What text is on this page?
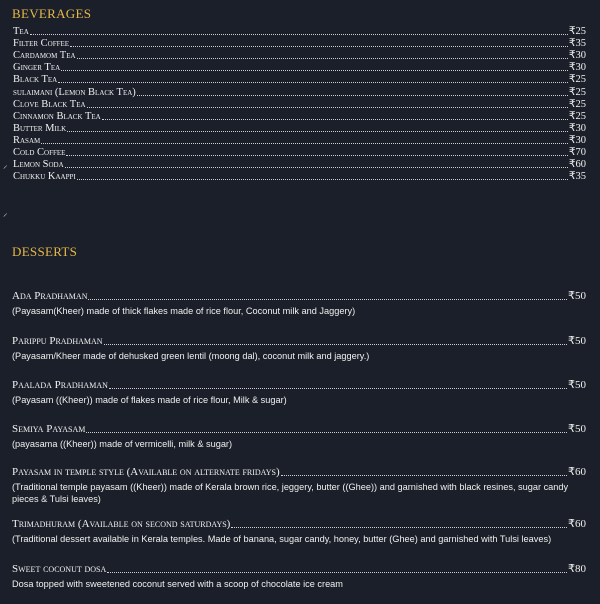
BEVERAGES
Tea	₹25
Filter Coffee	₹35
Cardamom Tea	₹30
Ginger Tea	₹30
Black Tea	₹25
sulaimani (Lemon Black Tea)	₹25
Clove Black Tea	₹25
Cinnamon Black Tea	₹25
Butter Milk	₹30
Rasam	₹30
Cold Coffee	₹70
Lemon Soda	₹60
Chukku Kaappi	₹35
DESSERTS
Ada Pradhaman	₹50
(Payasam(Kheer) made of thick flakes made of rice flour, Coconut milk and Jaggery)
Parippu Pradhaman	₹50
(Payasam/Kheer made of dehusked green lentil (moong dal), coconut milk and jaggery.)
Paalada Pradhaman	₹50
(Payasam ((Kheer)) made of flakes made of rice flour, Milk & sugar)
Semiya Payasam	₹50
(payasama ((Kheer)) made of vermicelli, milk & sugar)
Payasam in temple style (Available on alternate fridays)	₹60
(Traditional temple payasam ((Kheer)) made of Kerala brown rice, jeggery, butter ((Ghee)) and garnished with black resines, sugar candy pieces & Tulsi leaves)
Trimadhuram (Available on second saturdays)	₹60
(Traditional dessert available in Kerala temples. Made of banana, sugar candy, honey, butter (Ghee) and garnished with Tulsi leaves)
Sweet coconut dosa	₹80
Dosa topped with sweetened coconut served with a scoop of chocolate ice cream
⸝
⸝
